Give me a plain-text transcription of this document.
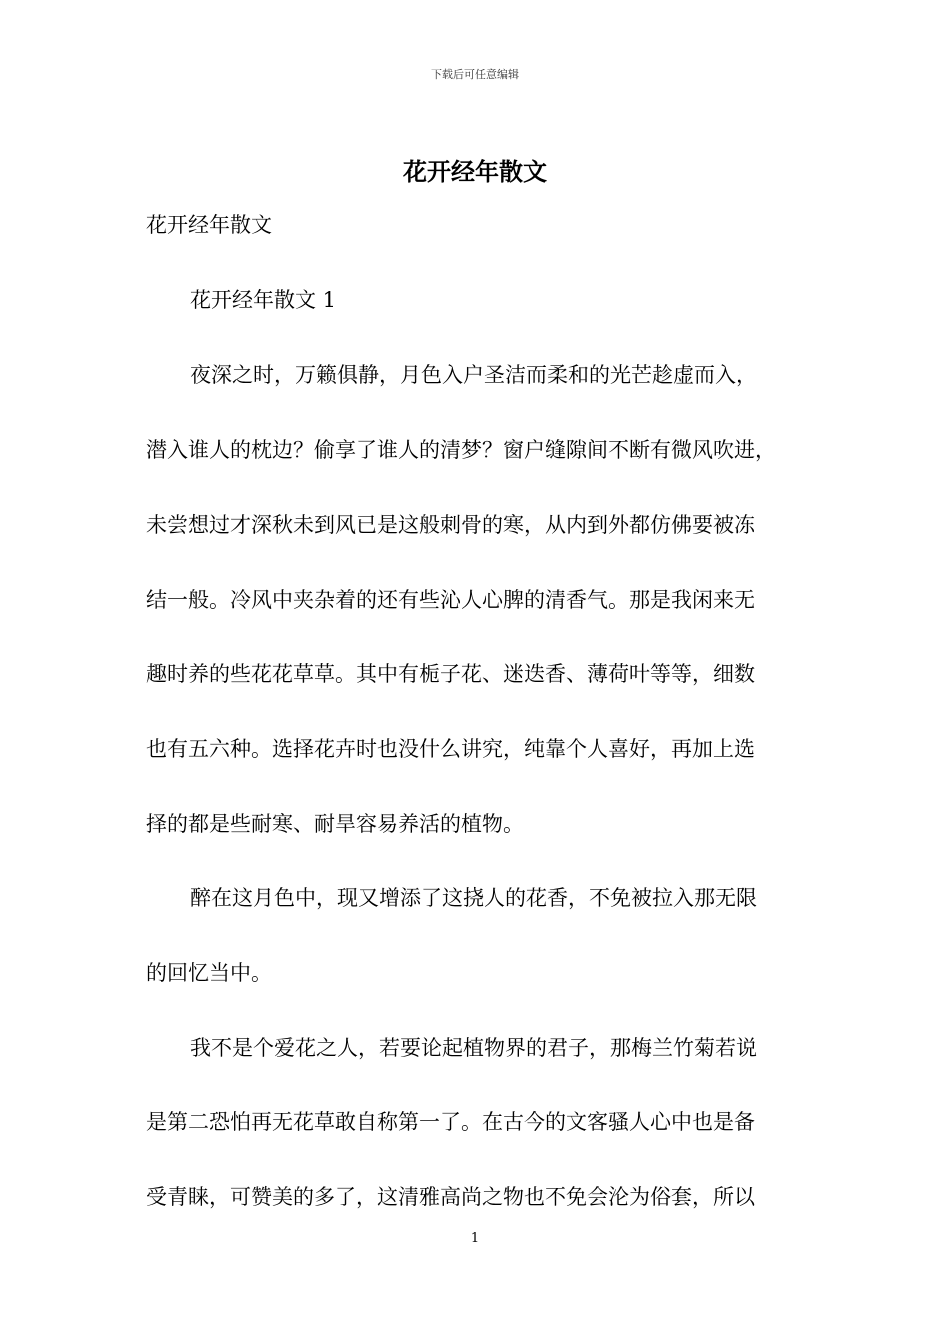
下载后可任意编辑
花开经年散文
花开经年散文
花开经年散文 1
夜深之时，万籁俱静，月色入户圣洁而柔和的光芒趁虚而入，
潜入谁人的枕边？偷享了谁人的清梦？窗户缝隙间不断有微风吹进，
未尝想过才深秋未到风已是这般刺骨的寒，从内到外都仿佛要被冻
结一般。冷风中夹杂着的还有些沁人心脾的清香气。那是我闲来无
趣时养的些花花草草。其中有栀子花、迷迭香、薄荷叶等等，细数
也有五六种。选择花卉时也没什么讲究，纯靠个人喜好，再加上选
择的都是些耐寒、耐旱容易养活的植物。
醉在这月色中，现又增添了这挠人的花香，不免被拉入那无限
的回忆当中。
我不是个爱花之人，若要论起植物界的君子，那梅兰竹菊若说
是第二恐怕再无花草敢自称第一了。在古今的文客骚人心中也是备
受青睐，可赞美的多了，这清雅高尚之物也不免会沦为俗套，所以
1
